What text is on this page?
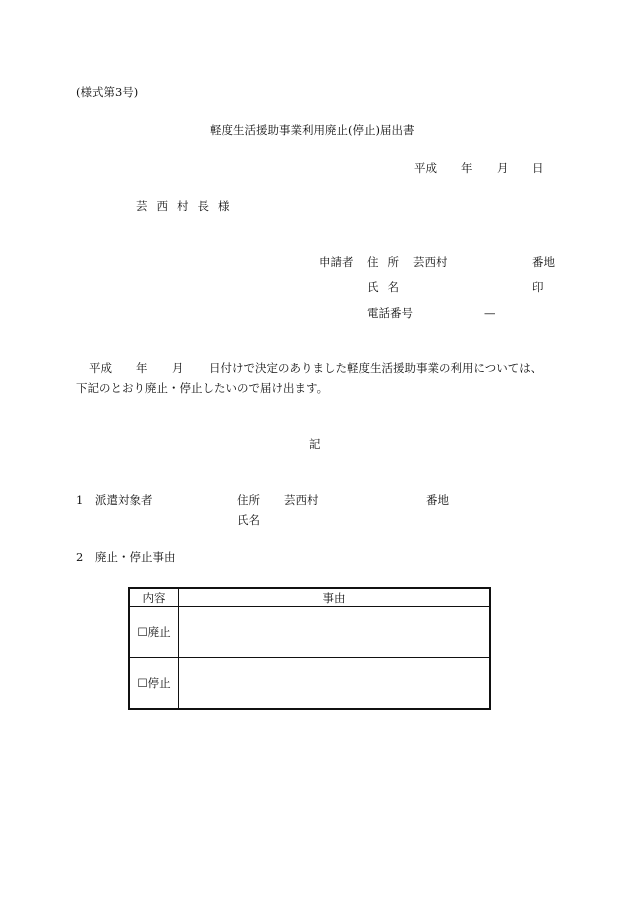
(様式第3号)
軽度生活援助事業利用廃止(停止)届出書
平成 年 月 日
芸西村長様
申請者 住所 芸西村	番地
氏名	印
電話番号	—
平成 年 月 日付けで決定のありました軽度生活援助事業の利用については、
下記のとおり廃止・停止したいので届け出ます。
記
1 派遣対象者	住所 芸西村	番地
氏名
2 廃止・停止事由
内容	事由
☐廃止	
☐停止	
